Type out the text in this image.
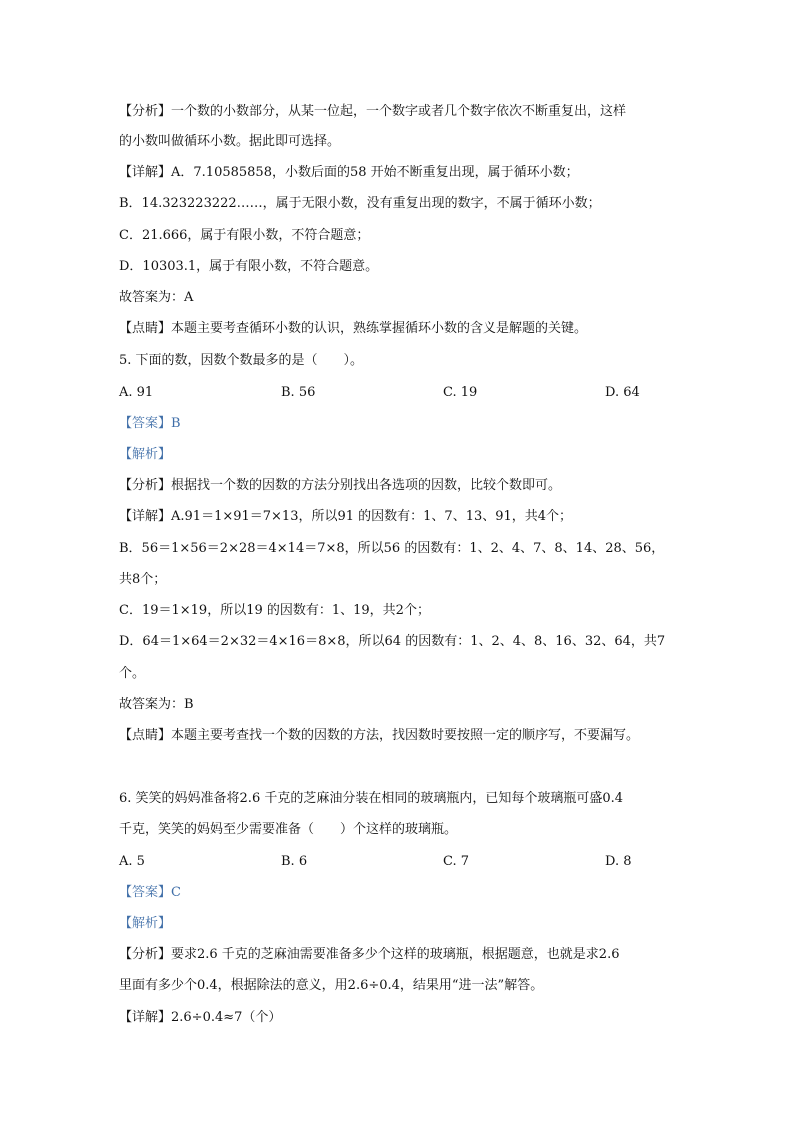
【分析】一个数的小数部分，从某一位起，一个数字或者几个数字依次不断重复出，这样
的小数叫做循环小数。据此即可选择。
【详解】A．7.10585858，小数后面的58 开始不断重复出现，属于循环小数；
B．14.323223222……，属于无限小数，没有重复出现的数字，不属于循环小数；
C．21.666，属于有限小数，不符合题意；
D．10303.1，属于有限小数，不符合题意。
故答案为：A
【点睛】本题主要考查循环小数的认识，熟练掌握循环小数的含义是解题的关键。
5. 下面的数，因数个数最多的是（　　）。
A. 91	B. 56	C. 19	D. 64
【答案】B
【解析】
【分析】根据找一个数的因数的方法分别找出各选项的因数，比较个数即可。
【详解】A.91＝1×91＝7×13，所以91 的因数有：1、7、13、91，共4个；
B．56＝1×56＝2×28＝4×14＝7×8，所以56 的因数有：1、2、4、7、8、14、28、56，
共8个；
C．19＝1×19，所以19 的因数有：1、19，共2个；
D．64＝1×64＝2×32＝4×16＝8×8，所以64 的因数有：1、2、4、8、16、32、64，共7
个。
故答案为：B
【点睛】本题主要考查找一个数的因数的方法，找因数时要按照一定的顺序写，不要漏写。
6. 笑笑的妈妈准备将2.6 千克的芝麻油分装在相同的玻璃瓶内，已知每个玻璃瓶可盛0.4
千克，笑笑的妈妈至少需要准备（　　）个这样的玻璃瓶。
A. 5	B. 6	C. 7	D. 8
【答案】C
【解析】
【分析】要求2.6 千克的芝麻油需要准备多少个这样的玻璃瓶，根据题意，也就是求2.6
里面有多少个0.4，根据除法的意义，用2.6÷0.4，结果用“进一法”解答。
【详解】2.6÷0.4≈7（个）
